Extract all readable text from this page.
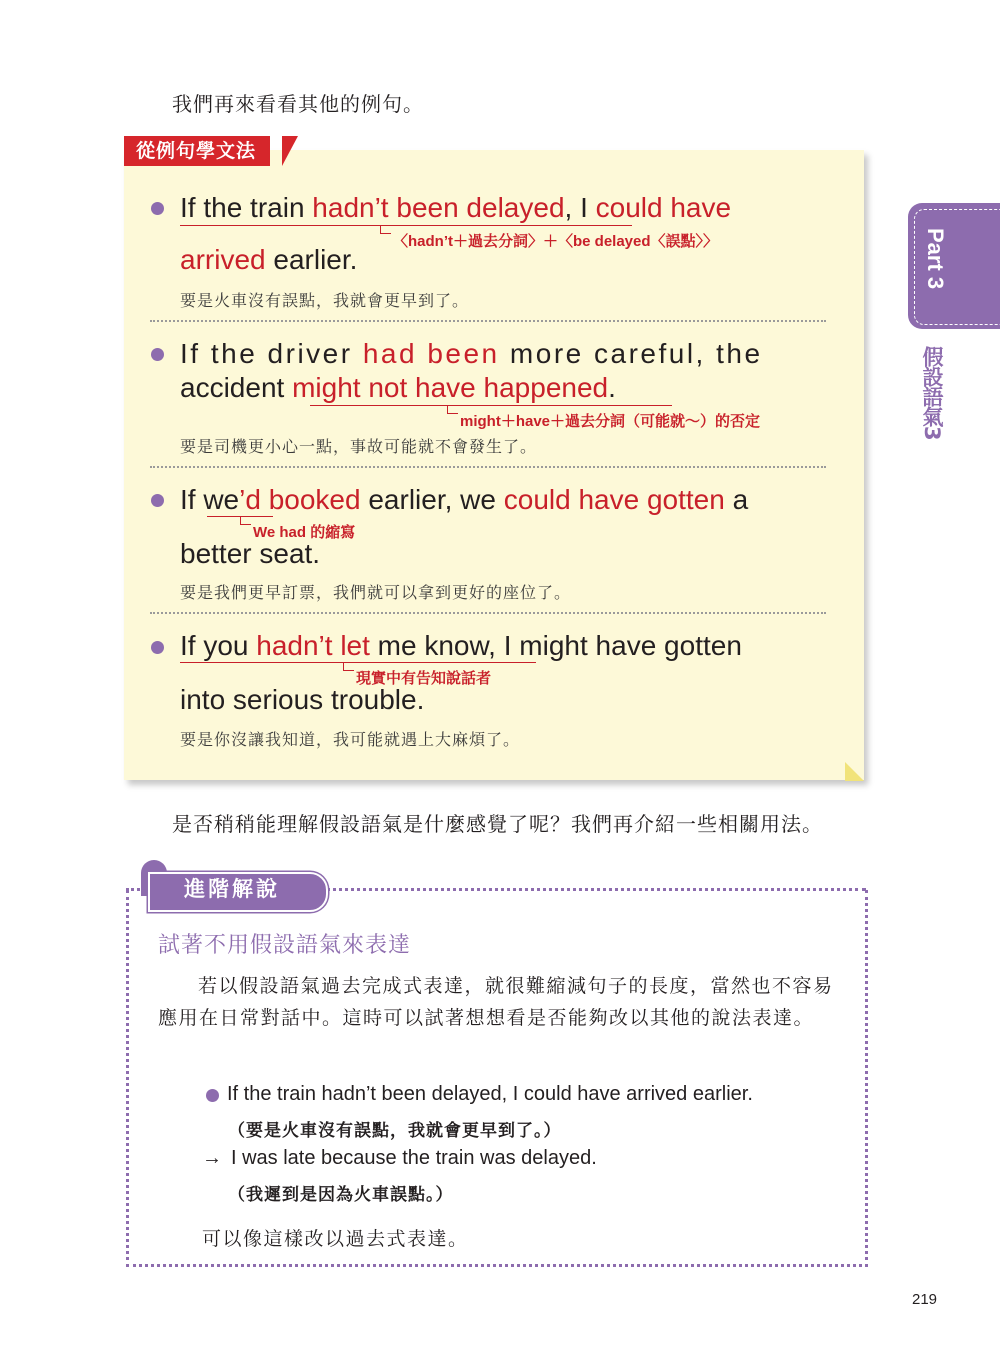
我們再來看看其他的例句。
從例句學文法
If the train hadn’t been delayed, I could have
〈hadn’t＋過去分詞〉＋〈be delayed〈誤點〉〉
arrived earlier.
要是火車沒有誤點，我就會更早到了。
If the driver had been more careful, the
accident might not have happened.
might＋have＋過去分詞（可能就～）的否定
要是司機更小心一點，事故可能就不會發生了。
If we’d booked earlier, we could have gotten a
We had 的縮寫
better seat.
要是我們更早訂票，我們就可以拿到更好的座位了。
If you hadn’t let me know, I might have gotten
現實中有告知說話者
into serious trouble.
要是你沒讓我知道，我可能就遇上大麻煩了。
Part 3
假設語氣3
是否稍稍能理解假設語氣是什麼感覺了呢？我們再介紹一些相關用法。
進階解說
試著不用假設語氣來表達
若以假設語氣過去完成式表達，就很難縮減句子的長度，當然也不容易應用在日常對話中。這時可以試著想想看是否能夠改以其他的說法表達。
If the train hadn’t been delayed, I could have arrived earlier.
（要是火車沒有誤點，我就會更早到了。）
→ I was late because the train was delayed.
（我遲到是因為火車誤點。）
可以像這樣改以過去式表達。
219
